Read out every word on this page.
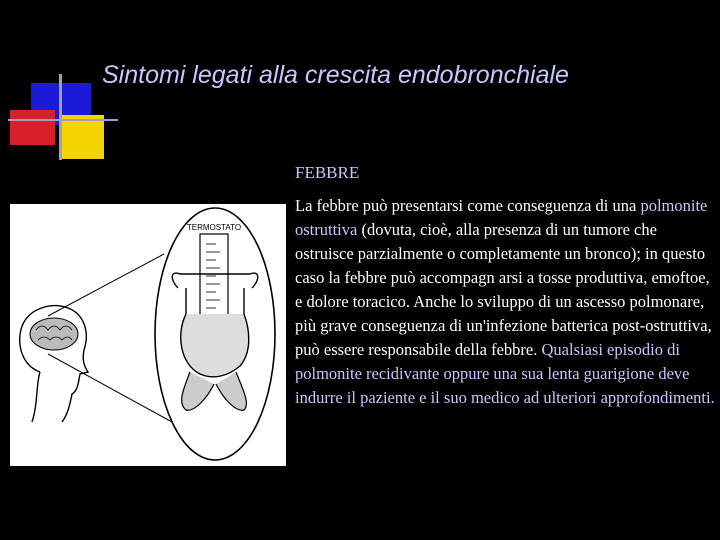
Sintomi legati alla crescita endobronchiale
TERMOSTATO
FEBBRE

La febbre può presentarsi come conseguenza di una polmonite ostruttiva (dovuta, cioè, alla presenza di un tumore che ostruisce parzialmente o completamente un bronco); in questo caso la febbre può accompagn arsi a tosse produttiva, emoftoe, e dolore toracico. Anche lo sviluppo di un ascesso polmonare, più grave conseguenza di un'infezione batterica post-ostruttiva, può essere responsabile della febbre. Qualsiasi episodio di polmonite recidivante oppure una sua lenta guarigione deve indurre il paziente e il suo medico ad ulteriori approfondimenti.
